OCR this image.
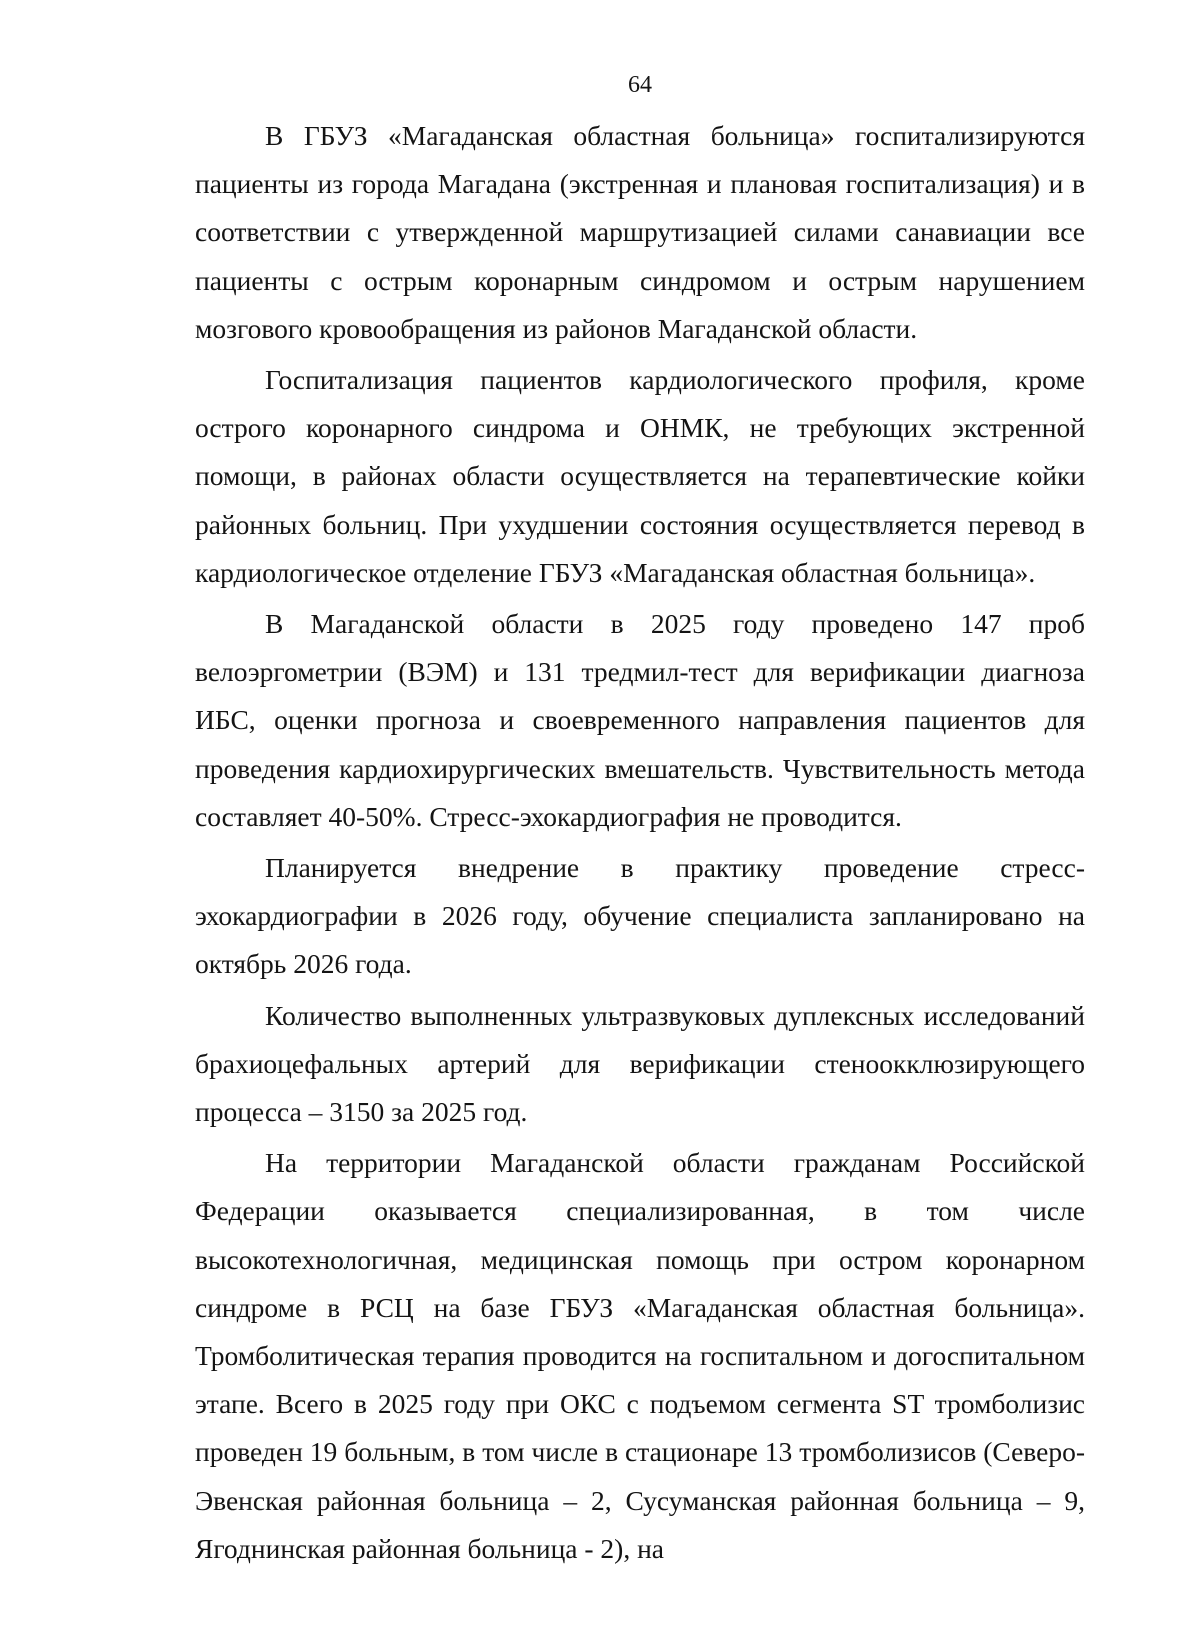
64

В ГБУЗ «Магаданская областная больница» госпитализируются пациенты из города Магадана (экстренная и плановая госпитализация) и в соответствии с утвержденной маршрутизацией силами санавиации все пациенты с острым коронарным синдромом и острым нарушением мозгового кровообращения из районов Магаданской области.

Госпитализация пациентов кардиологического профиля, кроме острого коронарного синдрома и ОНМК, не требующих экстренной помощи, в районах области осуществляется на терапевтические койки районных больниц. При ухудшении состояния осуществляется перевод в кардиологическое отделение ГБУЗ «Магаданская областная больница».

В Магаданской области в 2025 году проведено 147 проб велоэргометрии (ВЭМ) и 131 тредмил-тест для верификации диагноза ИБС, оценки прогноза и своевременного направления пациентов для проведения кардиохирургических вмешательств. Чувствительность метода составляет 40-50%. Стресс-эхокардиография не проводится.

Планируется внедрение в практику проведение стресс-эхокардиографии в 2026 году, обучение специалиста запланировано на октябрь 2026 года.

Количество выполненных ультразвуковых дуплексных исследований брахиоцефальных артерий для верификации стеноокклюзирующего процесса – 3150 за 2025 год.

На территории Магаданской области гражданам Российской Федерации оказывается специализированная, в том числе высокотехнологичная, медицинская помощь при остром коронарном синдроме в РСЦ на базе ГБУЗ «Магаданская областная больница». Тромболитическая терапия проводится на госпитальном и догоспитальном этапе. Всего в 2025 году при ОКС с подъемом сегмента ST тромболизис проведен 19 больным, в том числе в стационаре 13 тромболизисов (Северо-Эвенская районная больница – 2, Сусуманская районная больница – 9, Ягоднинская районная больница - 2), на
